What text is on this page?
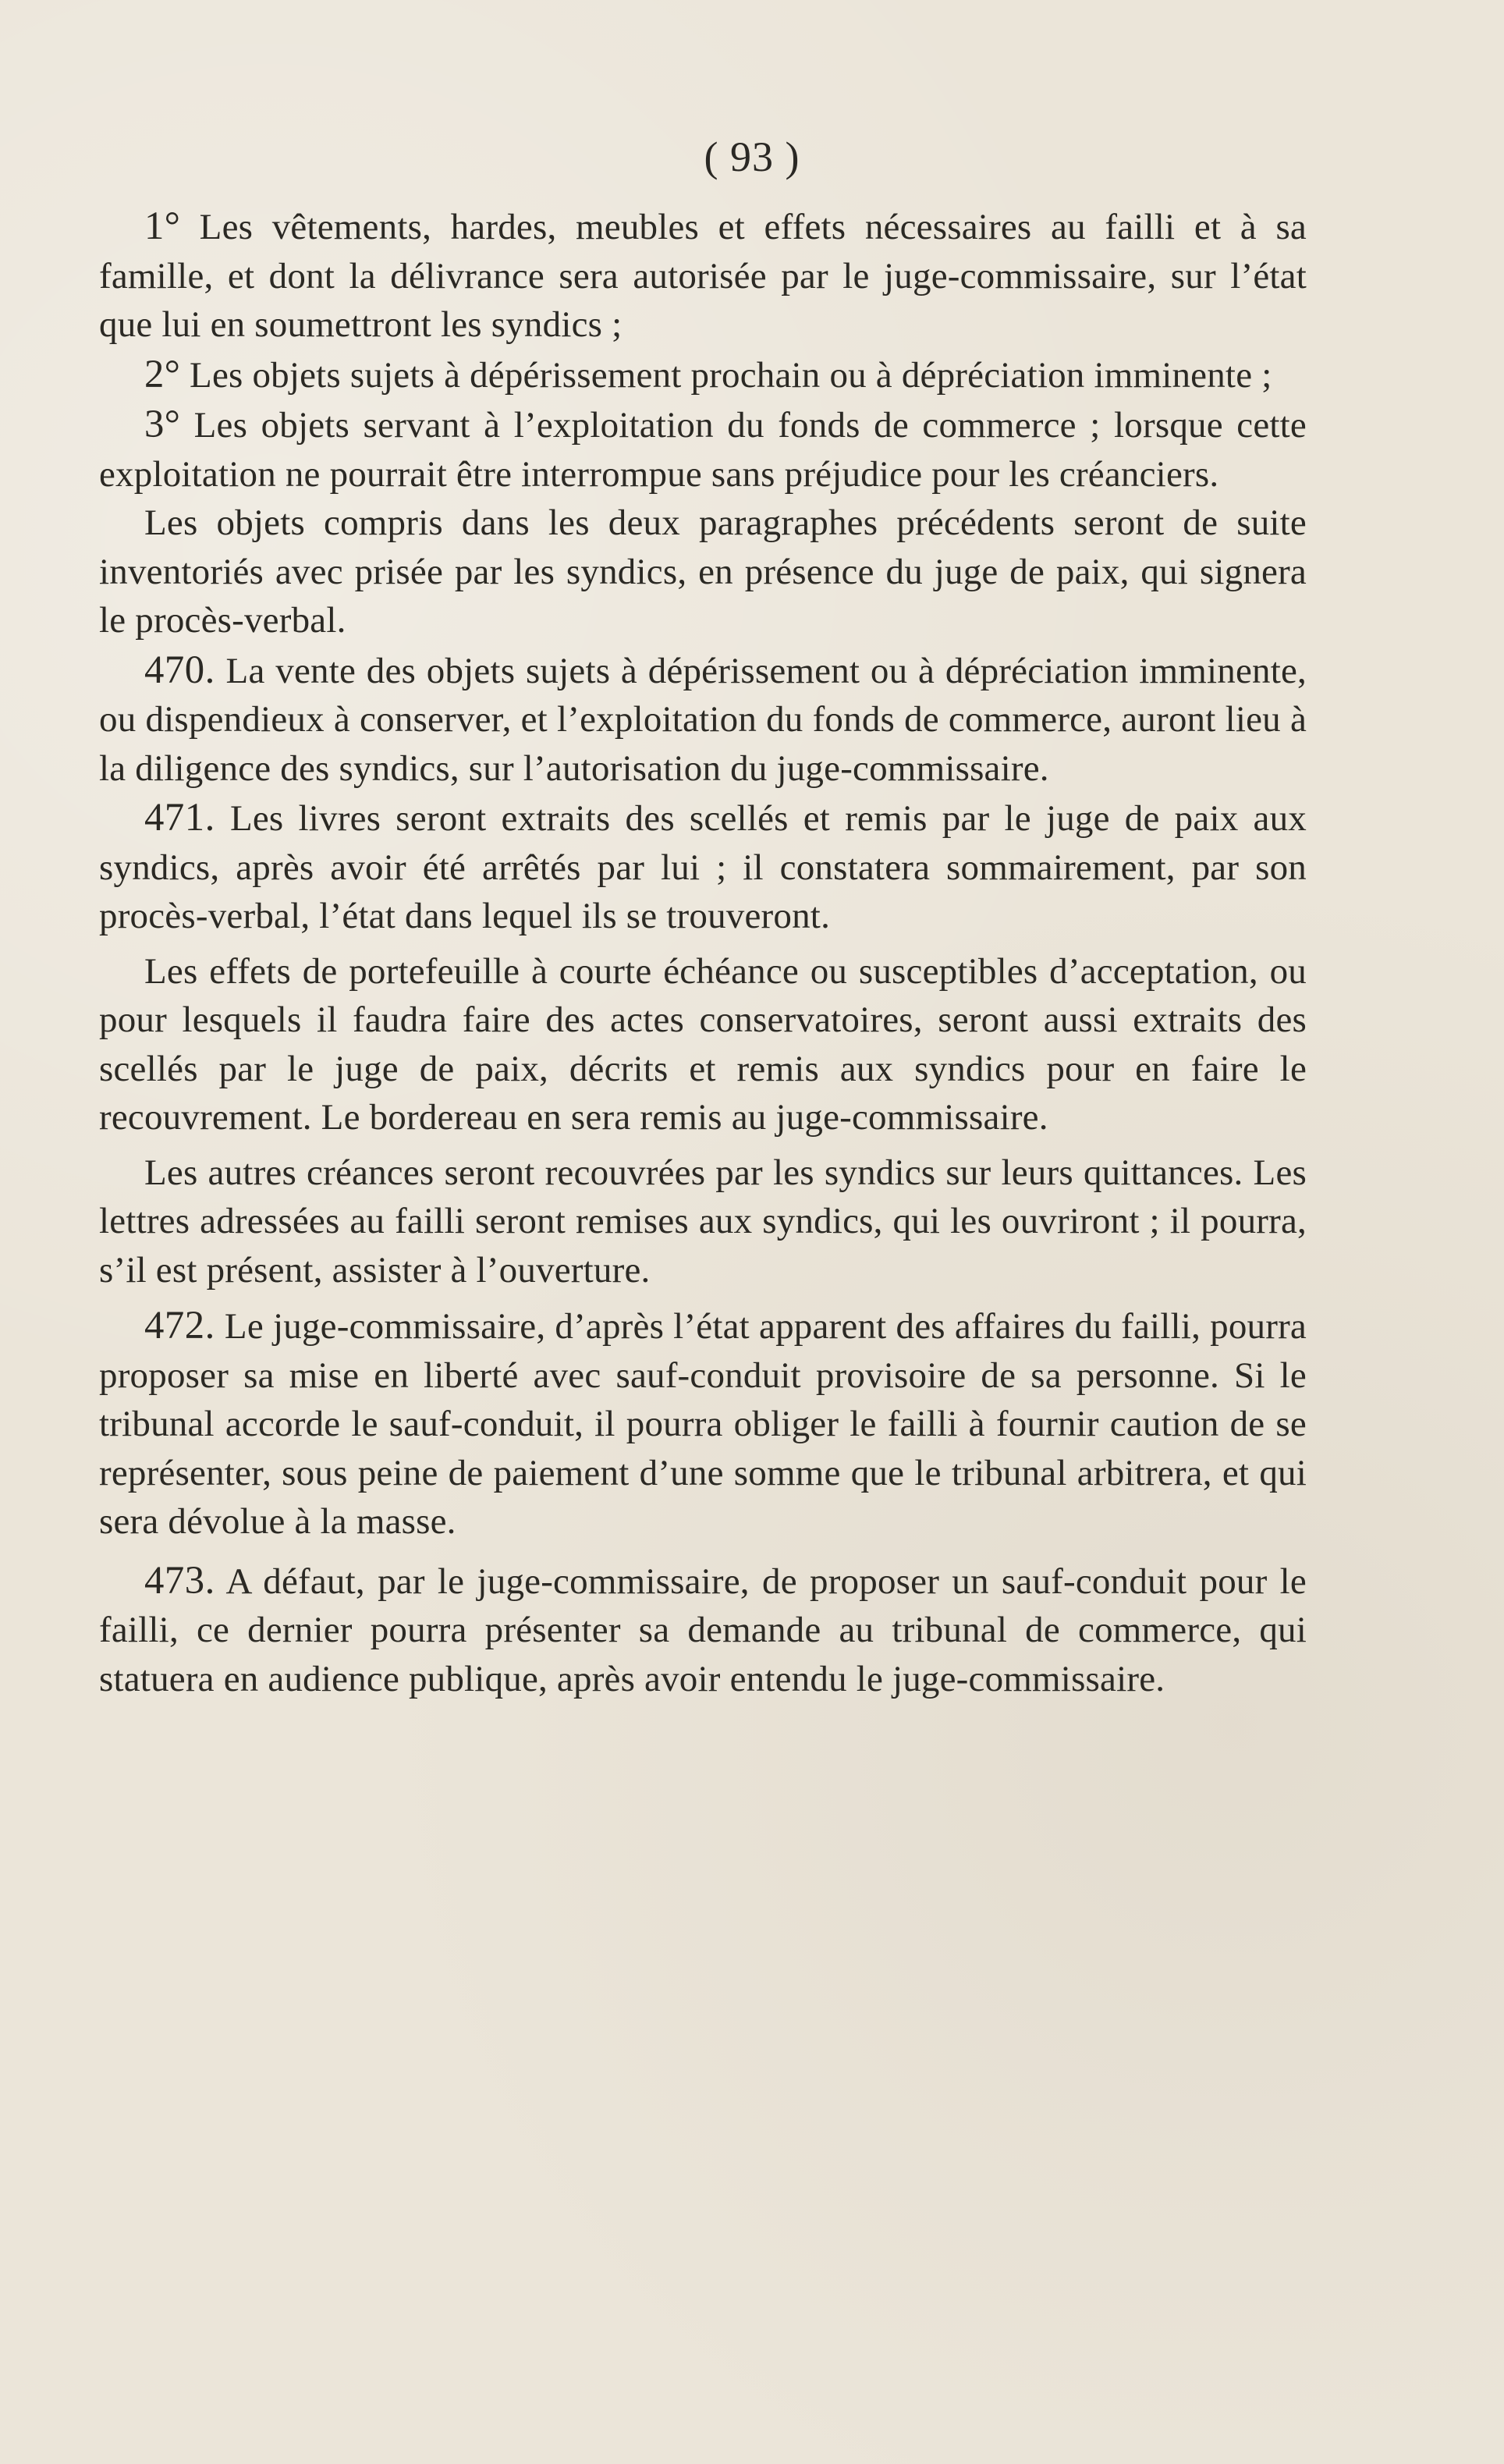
( 93 )

1° Les vêtements, hardes, meubles et effets nécessaires au failli et à sa famille, et dont la délivrance sera autorisée par le juge-commissaire, sur l’état que lui en soumettront les syndics ;

2° Les objets sujets à dépérissement prochain ou à dépréciation imminente ;

3° Les objets servant à l’exploitation du fonds de commerce ; lorsque cette exploitation ne pourrait être interrompue sans préjudice pour les créanciers.

Les objets compris dans les deux paragraphes précédents seront de suite inventoriés avec prisée par les syndics, en présence du juge de paix, qui signera le procès-verbal.

470. La vente des objets sujets à dépérissement ou à dépréciation imminente, ou dispendieux à conserver, et l’exploitation du fonds de commerce, auront lieu à la diligence des syndics, sur l’autorisation du juge-commissaire.

471. Les livres seront extraits des scellés et remis par le juge de paix aux syndics, après avoir été arrêtés par lui ; il constatera sommairement, par son procès-verbal, l’état dans lequel ils se trouveront.

Les effets de portefeuille à courte échéance ou susceptibles d’acceptation, ou pour lesquels il faudra faire des actes conservatoires, seront aussi extraits des scellés par le juge de paix, décrits et remis aux syndics pour en faire le recouvrement. Le bordereau en sera remis au juge-commissaire.

Les autres créances seront recouvrées par les syndics sur leurs quittances. Les lettres adressées au failli seront remises aux syndics, qui les ouvriront ; il pourra, s’il est présent, assister à l’ouverture.

472. Le juge-commissaire, d’après l’état apparent des affaires du failli, pourra proposer sa mise en liberté avec sauf-conduit provisoire de sa personne. Si le tribunal accorde le sauf-conduit, il pourra obliger le failli à fournir caution de se représenter, sous peine de paiement d’une somme que le tribunal arbitrera, et qui sera dévolue à la masse.

473. A défaut, par le juge-commissaire, de proposer un sauf-conduit pour le failli, ce dernier pourra présenter sa demande au tribunal de commerce, qui statuera en audience publique, après avoir entendu le juge-commissaire.
